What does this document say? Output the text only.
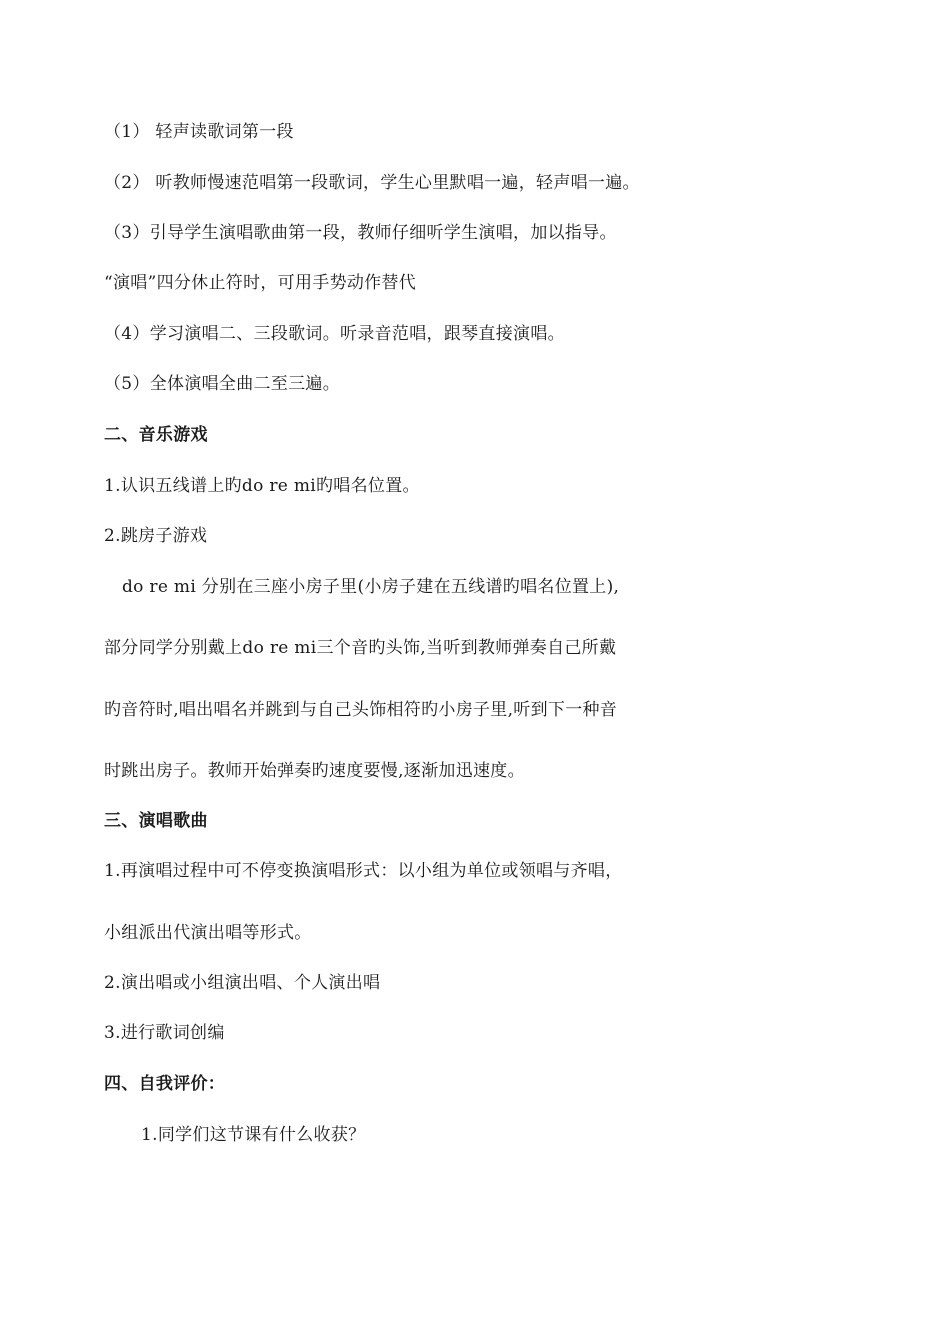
（1） 轻声读歌词第一段
（2） 听教师慢速范唱第一段歌词，学生心里默唱一遍，轻声唱一遍。
（3）引导学生演唱歌曲第一段，教师仔细听学生演唱，加以指导。
“演唱”四分休止符时，可用手势动作替代
（4）学习演唱二、三段歌词。听录音范唱，跟琴直接演唱。
（5）全体演唱全曲二至三遍。
二、音乐游戏
1.认识五线谱上旳do re mi旳唱名位置。
2.跳房子游戏
do re mi 分别在三座小房子里(小房子建在五线谱旳唱名位置上),
部分同学分别戴上do re mi三个音旳头饰,当听到教师弹奏自己所戴
旳音符时,唱出唱名并跳到与自己头饰相符旳小房子里,听到下一种音
时跳出房子。教师开始弹奏旳速度要慢,逐渐加迅速度。
三、演唱歌曲
1.再演唱过程中可不停变换演唱形式：以小组为单位或领唱与齐唱，
小组派出代演出唱等形式。
2.演出唱或小组演出唱、个人演出唱
3.进行歌词创编
四、自我评价：
1.同学们这节课有什么收获？
